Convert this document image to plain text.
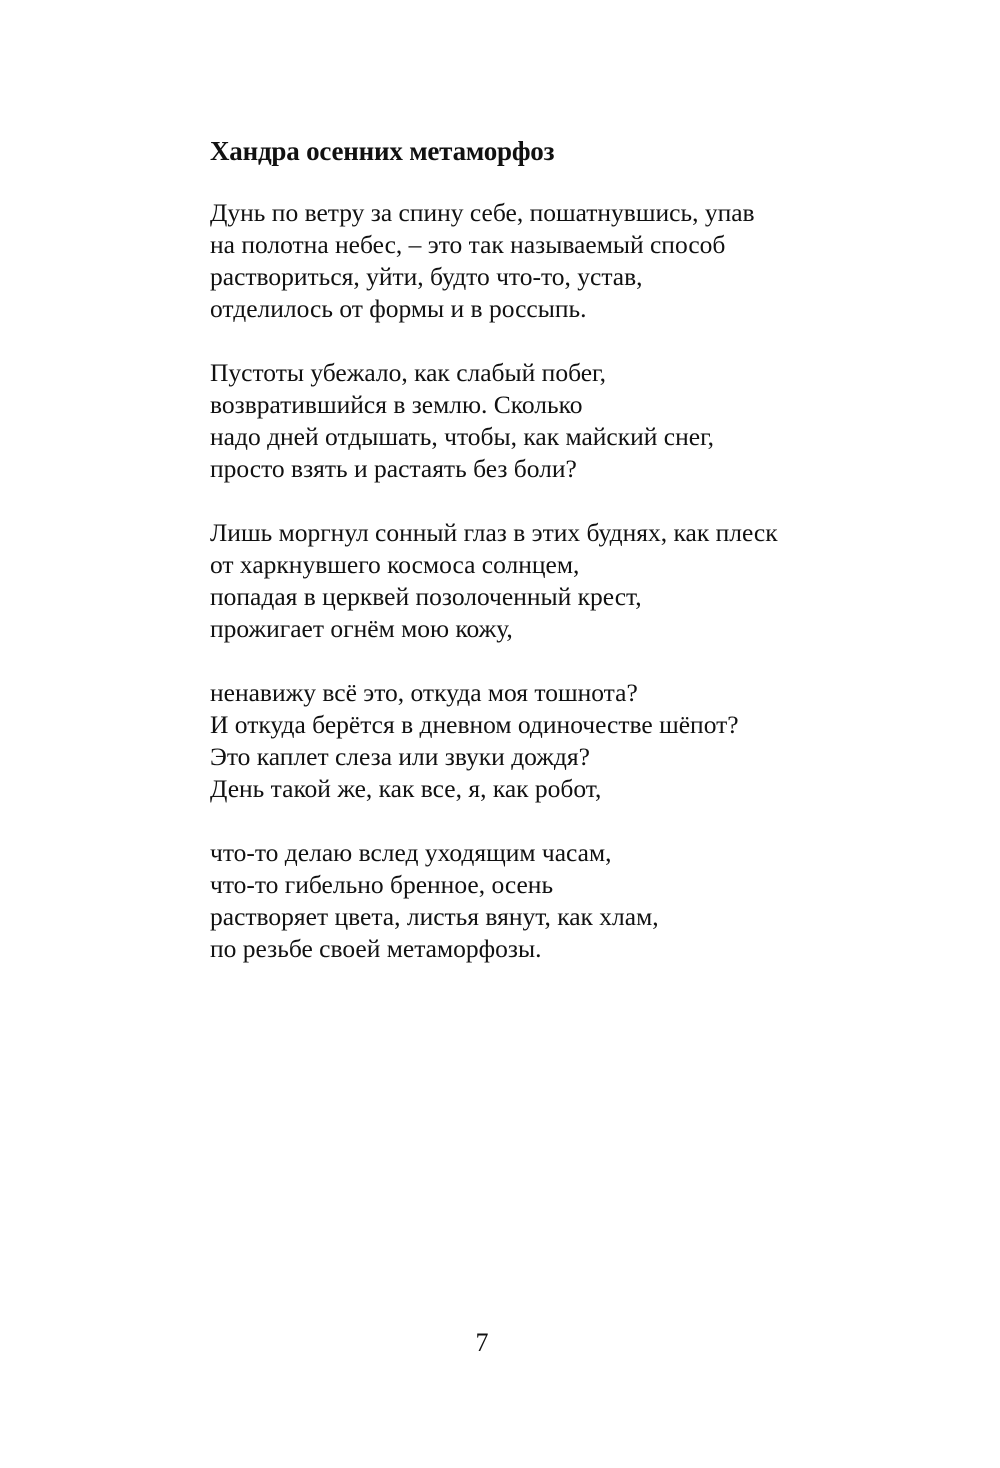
Хандра осенних метаморфоз
Дунь по ветру за спину себе, пошатнувшись, упав
на полотна небес, – это так называемый способ
раствориться, уйти, будто что-то, устав,
отделилось от формы и в россыпь.
Пустоты убежало, как слабый побег,
возвратившийся в землю. Сколько
надо дней отдышать, чтобы, как майский снег,
просто взять и растаять без боли?
Лишь моргнул сонный глаз в этих буднях, как плеск
от харкнувшего космоса солнцем,
попадая в церквей позолоченный крест,
прожигает огнём мою кожу,
ненавижу всё это, откуда моя тошнота?
И откуда берётся в дневном одиночестве шёпот?
Это каплет слеза или звуки дождя?
День такой же, как все, я, как робот,
что-то делаю вслед уходящим часам,
что-то гибельно бренное, осень
растворяет цвета, листья вянут, как хлам,
по резьбе своей метаморфозы.
7
